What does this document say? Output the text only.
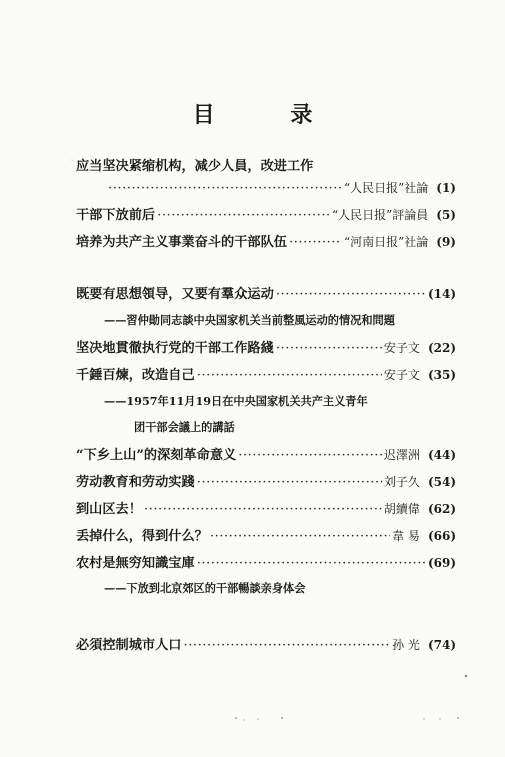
目 录
应当坚决紧缩机构，减少人員，改进工作
·····
“人民日报”社論 (1)
干部下放前后 ·····	“人民日报”評論員 (5)
培养为共产主义事業奋斗的干部队伍 ·····	“河南日报”社論 (9)
既要有思想領导，又要有羣众运动 ·····	(14)
——習仲勛同志談中央国家机关当前整風运动的情况和問題
坚决地貫徹执行党的干部工作路綫 ·····	安子文 (22)
千錘百煉，改造自己 ·····	安子文 (35)
——1957年11月19日在中央国家机关共产主义青年
团干部会議上的講話
“下乡上山”的深刻革命意义 ·····	迟澤洲 (44)
劳动教育和劳动实踐 ·····	刘子久 (54)
到山区去！ ·····	胡續偉 (62)
丢掉什么，得到什么？ ·····	韋 易 (66)
农村是無穷知識宝庫 ·····	(69)
——下放到北京郊区的干部暢談亲身体会
必須控制城市人口 ·····	孙 光 (74)
